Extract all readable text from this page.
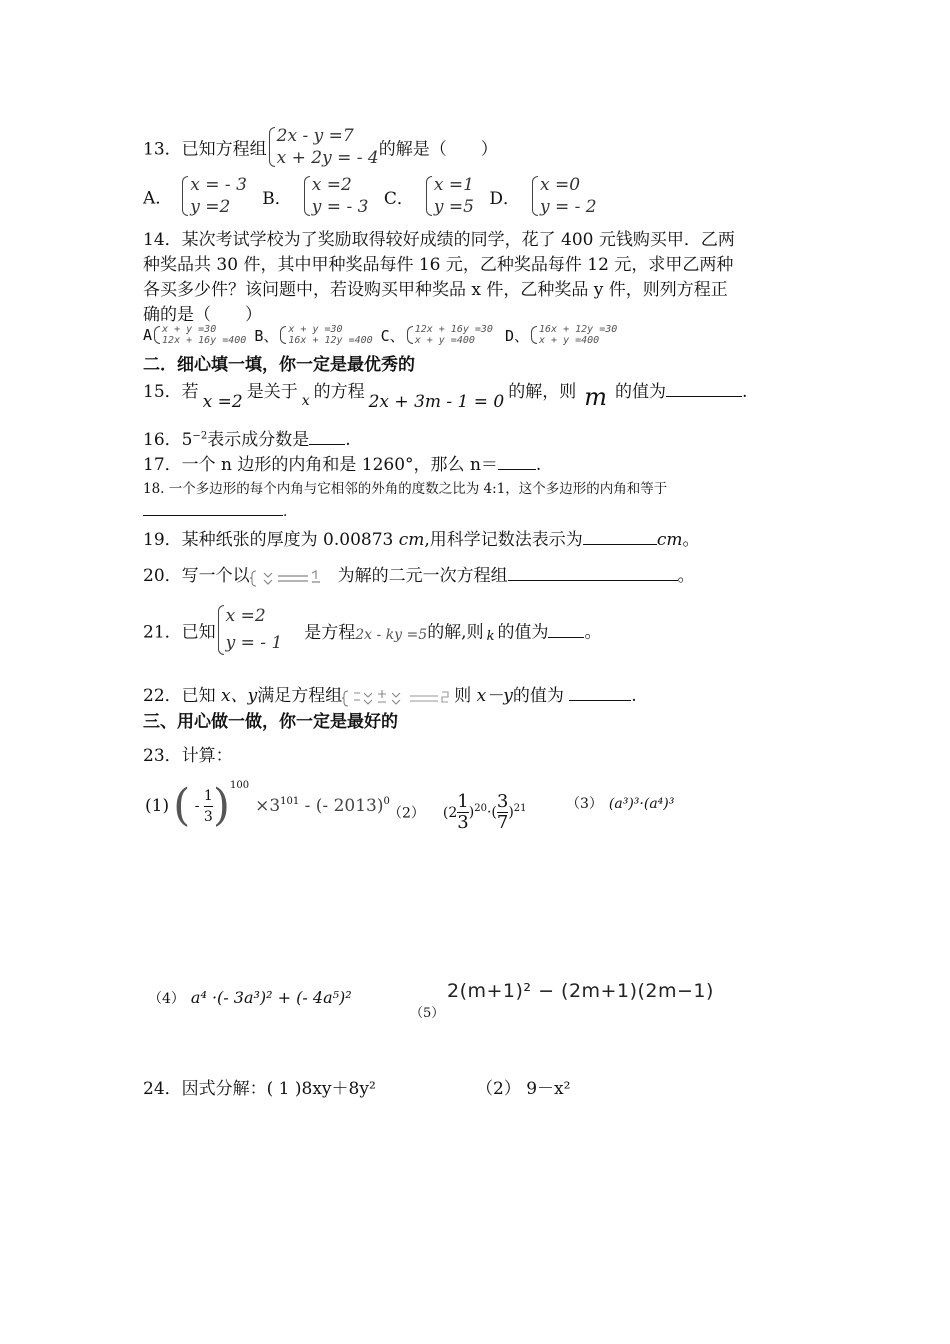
13．已知方程组
2x - y =7
x + 2y = - 4 的解是（　　）
A．
x = - 3
y =2	B．
x =2
y = - 3 C．
x =1
y =5 D．
x =0
y = - 2
14．某次考试学校为了奖励取得较好成绩的同学，花了 400 元钱购买甲．乙两
种奖品共 30 件，其中甲种奖品每件 16 元，乙种奖品每件 12 元，求甲乙两种
各买多少件？该问题中，若设购买甲种奖品 x 件，乙种奖品 y 件，则列方程正
确的是（　　）
A x + y =30
12x + 16y =400 B、 x + y =30
16x + 12y =400 C、 12x + 16y =30
x + y =400	D、 16x + 12y =30
x + y =400
二．细心填一填，你一定是最优秀的
15．若 x =2 是关于 $_x$ 的方程 2x + 3m - 1 = 0 的解，则 m 的值为	.
16．$5^{-2}$表示成分数是 .
17．一个 n 边形的内角和是 1260°，那么 n＝ .
18. 一个多边形的每个内角与它相邻的外角的度数之比为 4:1，这个多边形的内角和等于
.
19．某种纸张的厚度为 0.00873 cm,用科学记数法表示为	cm。
20．写一个以	为解的二元一次方程组	。
21．已知
x =2
y = - 1
是方程$_{2x - ky =5}$的解,则 $_k$ 的值为 。
22．已知 x、y满足方程组	则 x－y的值为	.
三、用心做一做，你一定是最好的
23．计算：
$(1)( - \frac{1}{3} )^{100}\times 3^{101}$ - (- 2013)$^0$
（2） $(2 \frac{1}{3} )^{20}\cdot( \frac{3}{7} )^{21}$	（3） (a³)³·(a⁴)³
（4） a⁴ ·(- 3a³)² + (- 4a⁵)²
（5）
2(m+1)² − (2m+1)(2m−1)
24．因式分解：( 1 )8xy＋8y²	（2） 9－x²
